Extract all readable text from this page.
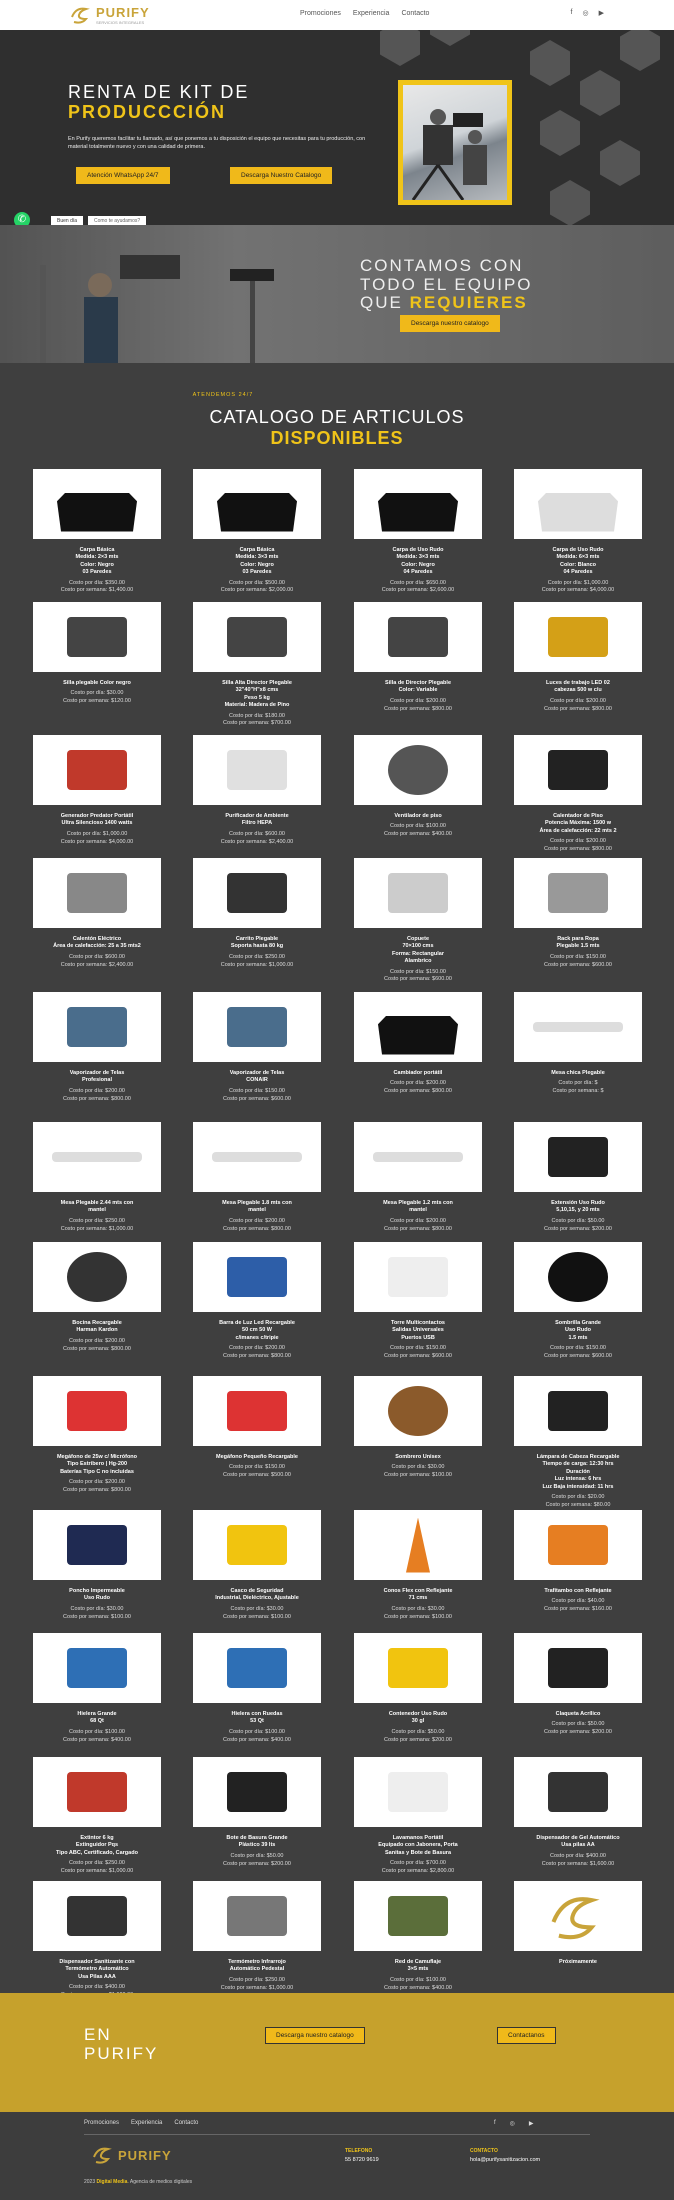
PURIFY
SERVICIOS INTEGRALES
Promociones Experiencia Contacto	f ◎ ▶
RENTA DE KIT DE
PRODUCCCIÓN

En Purify queremos facilitar tu llamado, así que ponemos a tu disposición el equipo que necesitas para tu producción, con material totalmente nuevo y con una calidad de primera.

Atención WhatsApp 24/7	Descarga Nuestro Catalogo
✆	Buen día	Como te ayudamos?
CONTAMOS CON
TODO EL EQUIPO
QUE REQUIERES
Descarga nuestro catalogo
ATENDEMOS 24/7
CATALOGO DE ARTICULOS
DISPONIBLES
Carpa Básica
Medida: 2×3 mts
Color: Negro
03 Paredes
Costo por día: $350.00
Costo por semana: $1,400.00
Carpa Básica
Medida: 3×3 mts
Color: Negro
03 Paredes
Costo por día: $500.00
Costo por semana: $2,000.00
Carpa de Uso Rudo
Medida: 3×3 mts
Color: Negro
04 Paredes
Costo por día: $650.00
Costo por semana: $2,600.00
Carpa de Uso Rudo
Medida: 6×3 mts
Color: Blanco
04 Paredes
Costo por día: $1,000.00
Costo por semana: $4,000.00
Silla plegable Color negro
Costo por día: $30.00
Costo por semana: $120.00
Silla Alta Director Plegable
32"40"H"x8 cms
Peso 5 kg
Material: Madera de Pino
Costo por día: $180.00
Costo por semana: $700.00
Silla de Director Plegable
Color: Variable
Costo por día: $200.00
Costo por semana: $800.00
Luces de trabajo LED 02
cabezas 500 w c/u
Costo por día: $200.00
Costo por semana: $800.00
Generador Predator Portátil
Ultra Silencioso 1400 watts
Costo por día: $1,000.00
Costo por semana: $4,000.00
Purificador de Ambiente
Filtro HEPA
Costo por día: $600.00
Costo por semana: $2,400.00
Ventilador de piso
Costo por día: $100.00
Costo por semana: $400.00
Calentador de Piso
Potencia Máxima: 1500 w
Área de calefacción: 22 mts 2
Costo por día: $200.00
Costo por semana: $800.00
Calentón Eléctrico
Área de calefacción: 25 a 35 mts2
Costo por día: $600.00
Costo por semana: $2,400.00
Carrito Plegable
Soporta hasta 80 kg
Costo por día: $250.00
Costo por semana: $1,000.00
Copuete
70×100 cms
Forma: Rectangular
Alambrico
Costo por día: $150.00
Costo por semana: $600.00
Rack para Ropa
Plegable 1.5 mts
Costo por día: $150.00
Costo por semana: $600.00
Vaporizador de Telas
Profesional
Costo por día: $200.00
Costo por semana: $800.00
Vaporizador de Telas
CONAIR
Costo por día: $150.00
Costo por semana: $600.00
Cambiador portátil
Costo por día: $200.00
Costo por semana: $800.00
Mesa chica Plegable
Costo por día: $
Costo por semana: $
Mesa Plegable 2.44 mts con
mantel
Costo por día: $250.00
Costo por semana: $1,000.00
Mesa Plegable 1.8 mts con
mantel
Costo por día: $200.00
Costo por semana: $800.00
Mesa Plegable 1.2 mts con
mantel
Costo por día: $200.00
Costo por semana: $800.00
Extensión Uso Rudo
5,10,15, y 20 mts
Costo por día: $50.00
Costo por semana: $200.00
Bocina Recargable
Harman Kardon
Costo por día: $200.00
Costo por semana: $800.00
Barra de Luz Led Recargable
50 cm 50 W
c/imanes c/tripie
Costo por día: $200.00
Costo por semana: $800.00
Torre Multicontactos
Salidas Universales
Puertos USB
Costo por día: $150.00
Costo por semana: $600.00
Sombrilla Grande
Uso Rudo
1.5 mts
Costo por día: $150.00
Costo por semana: $600.00
Megáfono de 25w c/ Micrófono
Tipo Estribero | Hg-200
Baterías Tipo C no incluidas
Costo por día: $200.00
Costo por semana: $800.00
Megáfono Pequeño Recargable
Costo por día: $150.00
Costo por semana: $500.00
Sombrero Unisex
Costo por día: $30.00
Costo por semana: $100.00
Lámpara de Cabeza Recargable
Tiempo de carga: 12:30 hrs
Duración
Luz intensa: 6 hrs
Luz Baja intensidad: 11 hrs
Costo por día: $20.00
Costo por semana: $80.00
Poncho Impermeable
Uso Rudo
Costo por día: $30.00
Costo por semana: $100.00
Casco de Seguridad
Industrial, Dieléctrico, Ajustable
Costo por día: $30.00
Costo por semana: $100.00
Conos Flex con Reflejante
71 cms
Costo por día: $30.00
Costo por semana: $100.00
Trafitambo con Reflejante
Costo por día: $40.00
Costo por semana: $160.00
Hielera Grande
68 Qt
Costo por día: $100.00
Costo por semana: $400.00
Hielera con Ruedas
53 Qt
Costo por día: $100.00
Costo por semana: $400.00
Contenedor Uso Rudo
30 gl
Costo por día: $50.00
Costo por semana: $200.00
Claqueta Acrílico
Costo por día: $50.00
Costo por semana: $200.00
Extintor 6 kg
Extinguidor Pqs
Tipo ABC, Certificado, Cargado
Costo por día: $250.00
Costo por semana: $1,000.00
Bote de Basura Grande
Plástico 39 lts
Costo por día: $50.00
Costo por semana: $200.00
Lavamanos Portátil
Equipado con Jabonera, Porta
Sanitas y Bote de Basura
Costo por día: $700.00
Costo por semana: $2,800.00
Dispensador de Gel Automático
Usa pilas AA
Costo por día: $400.00
Costo por semana: $1,600.00
Dispensador Sanitizante con
Termómetro Automático
Usa Pilas AAA
Costo por día: $400.00

Termómetro Infrarrojo
Automático Pedestal
Costo por día: $250.00
Costo por semana: $1,000.00
Red de Camuflaje
3×5 mts
Costo por día: $100.00
Costo por semana: $400.00
Próximamente
EN
PURIFY
Descarga nuestro catalogo	Contactanos
Promociones Experiencia Contacto	f ◎ ▶
PURIFY	TELEFONO
55 8720 9619
CONTACTO
hola@purifysanitizacion.com
2023 Digital Media. Agencia de medios digitales
